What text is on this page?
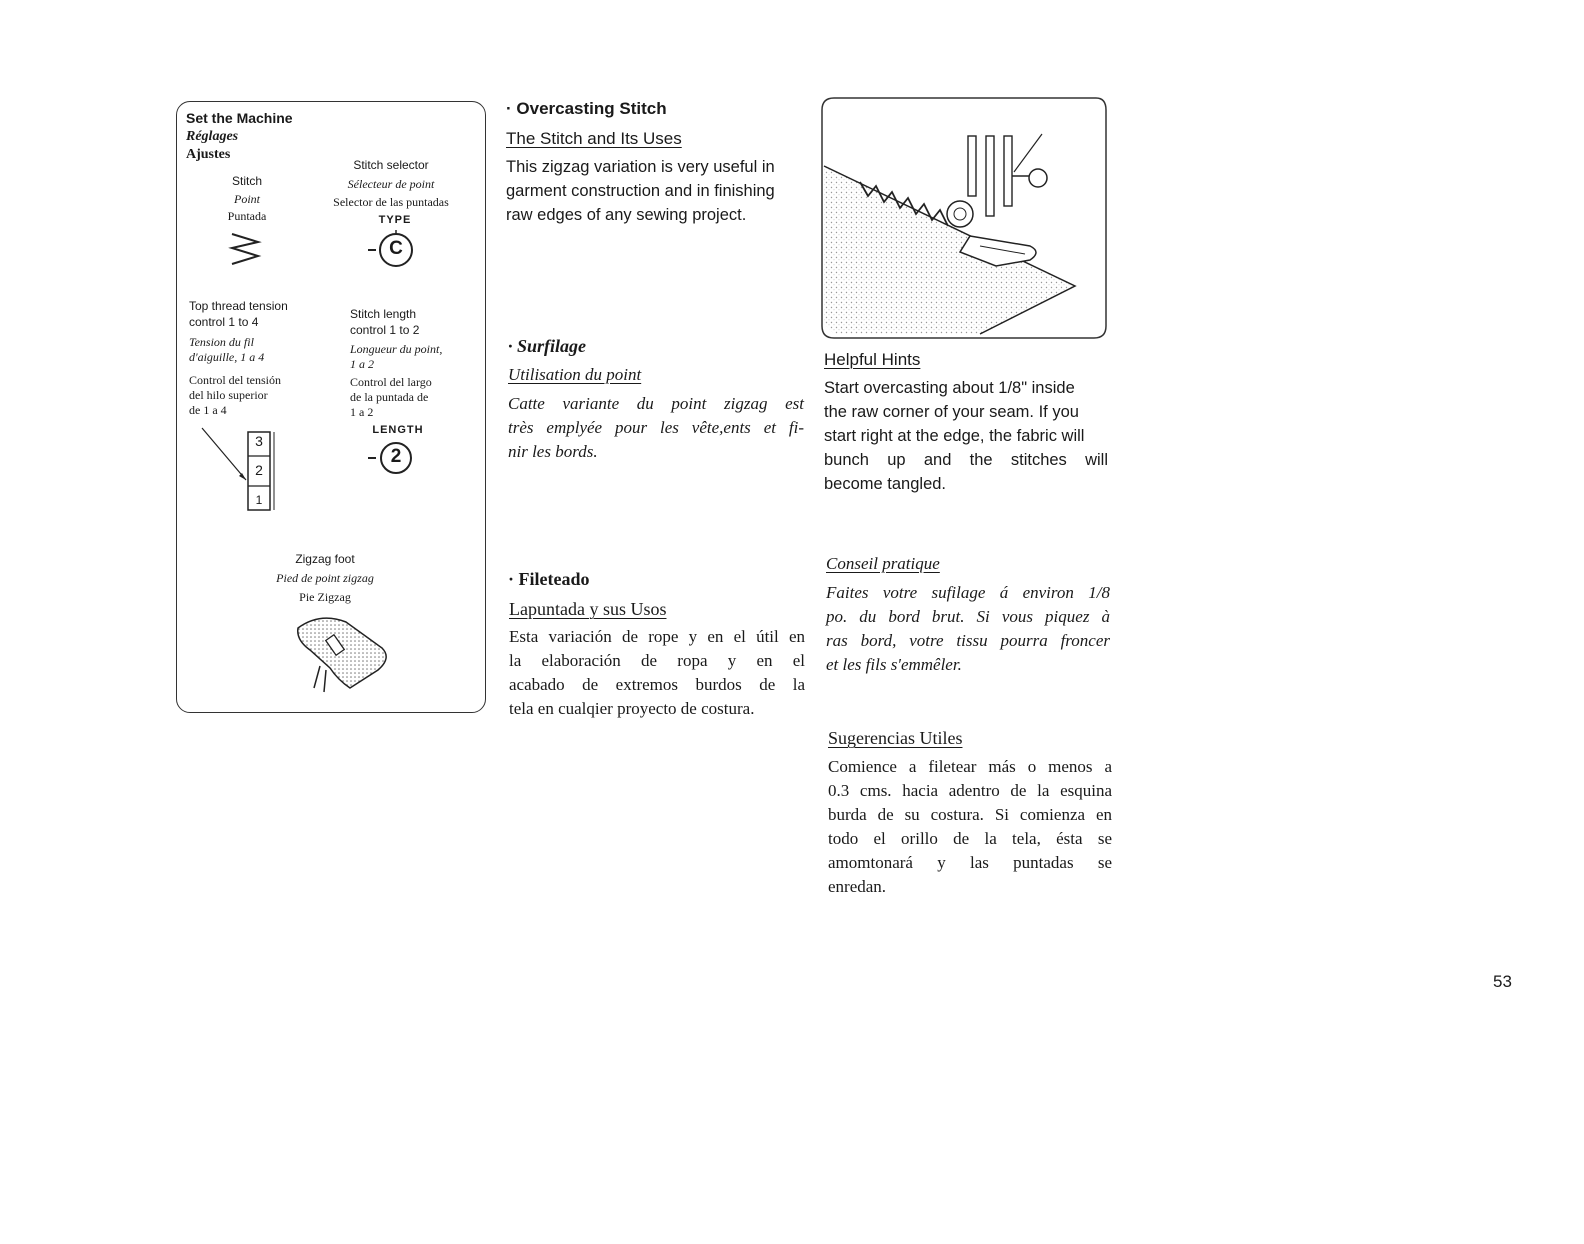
Set the Machine
Réglages
Ajustes
Stitch
Point
Puntada
Stitch selector
Sélecteur de point
Selector de las puntadas
TYPE
C
Top thread tension
control 1 to 4
Tension du fil
d'aiguille, 1 a 4
Control del tensión
del hilo superior
de 1 a 4
3
2
1
Stitch length
control 1 to 2
Longueur du point,
1 a 2
Control del largo
de la puntada de
1 a 2
LENGTH
2
Zigzag foot
Pied de point zigzag
Pie Zigzag
· Overcasting Stitch
The Stitch and Its Uses
This zigzag variation is very useful in
garment construction and in finishing
raw edges of any sewing project.
· Surfilage
Utilisation du point
Catte variante du point zigzag est
très emplyée pour les vête,ents et fi-
nir les bords.
· Fileteado
Lapuntada y sus Usos
Esta variación de rope y en el útil en
la elaboración de ropa y en el
acabado de extremos burdos de la
tela en cualqier proyecto de costura.
Helpful Hints
Start overcasting about 1/8" inside
the raw corner of your seam. If you
start right at the edge, the fabric will
bunch up and the stitches will
become tangled.
Conseil pratique
Faites votre sufilage á environ 1/8
po. du bord brut. Si vous piquez à
ras bord, votre tissu pourra froncer
et les fils s'emmêler.
Sugerencias Utiles
Comience a filetear más o menos a
0.3 cms. hacia adentro de la esquina
burda de su costura. Si comienza en
todo el orillo de la tela, ésta se
amomtonará y las puntadas se
enredan.
53
